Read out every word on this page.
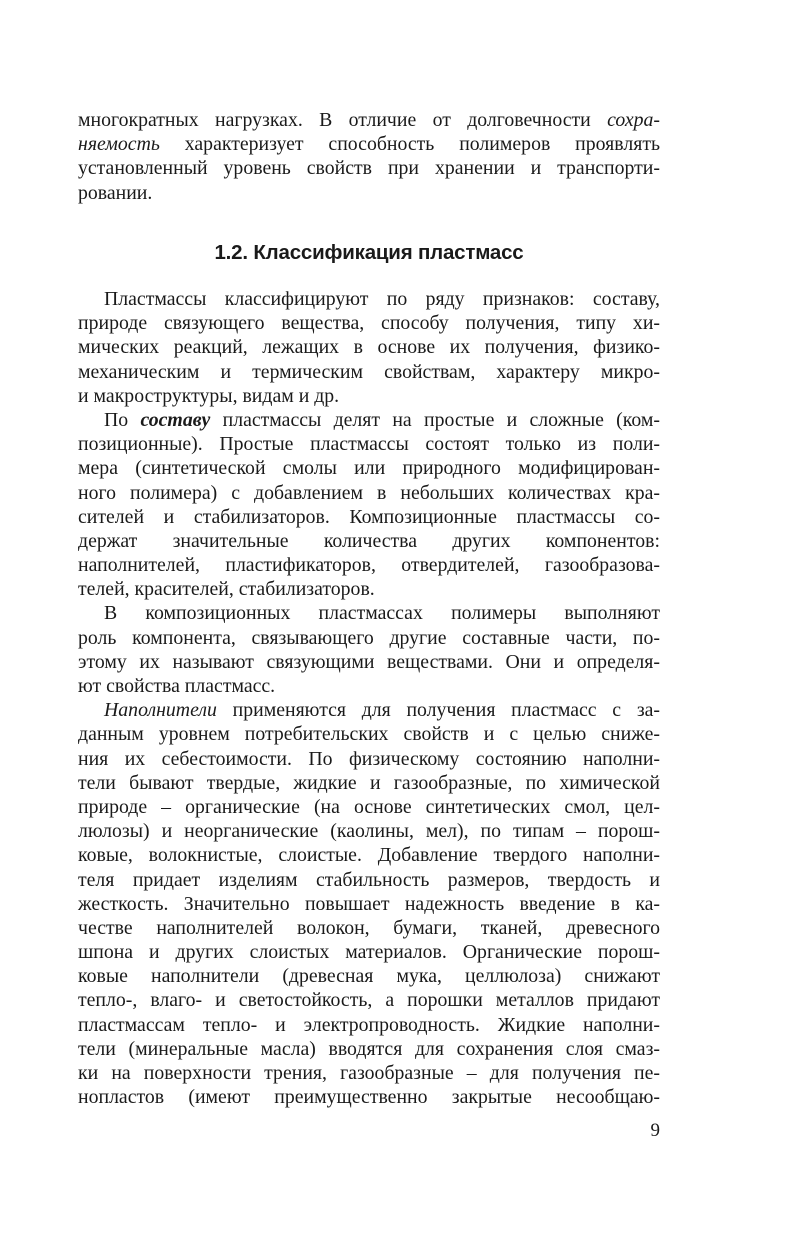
многократных нагрузках. В отличие от долговечности сохра-
няемость характеризует способность полимеров проявлять
установленный уровень свойств при хранении и транспорти-
ровании.
1.2. Классификация пластмасс
Пластмассы классифицируют по ряду признаков: составу,
природе связующего вещества, способу получения, типу хи-
мических реакций, лежащих в основе их получения, физико-
механическим и термическим свойствам, характеру микро-
и макроструктуры, видам и др.
По составу пластмассы делят на простые и сложные (ком-
позиционные). Простые пластмассы состоят только из поли-
мера (синтетической смолы или природного модифицирован-
ного полимера) с добавлением в небольших количествах кра-
сителей и стабилизаторов. Композиционные пластмассы со-
держат значительные количества других компонентов:
наполнителей, пластификаторов, отвердителей, газообразова-
телей, красителей, стабилизаторов.
В композиционных пластмассах полимеры выполняют
роль компонента, связывающего другие составные части, по-
этому их называют связующими веществами. Они и определя-
ют свойства пластмасс.
Наполнители применяются для получения пластмасс с за-
данным уровнем потребительских свойств и с целью сниже-
ния их себестоимости. По физическому состоянию наполни-
тели бывают твердые, жидкие и газообразные, по химической
природе – органические (на основе синтетических смол, цел-
люлозы) и неорганические (каолины, мел), по типам – порош-
ковые, волокнистые, слоистые. Добавление твердого наполни-
теля придает изделиям стабильность размеров, твердость и
жесткость. Значительно повышает надежность введение в ка-
честве наполнителей волокон, бумаги, тканей, древесного
шпона и других слоистых материалов. Органические порош-
ковые наполнители (древесная мука, целлюлоза) снижают
тепло-, влаго- и светостойкость, а порошки металлов придают
пластмассам тепло- и электропроводность. Жидкие наполни-
тели (минеральные масла) вводятся для сохранения слоя смаз-
ки на поверхности трения, газообразные – для получения пе-
нопластов (имеют преимущественно закрытые несообщаю-
9
